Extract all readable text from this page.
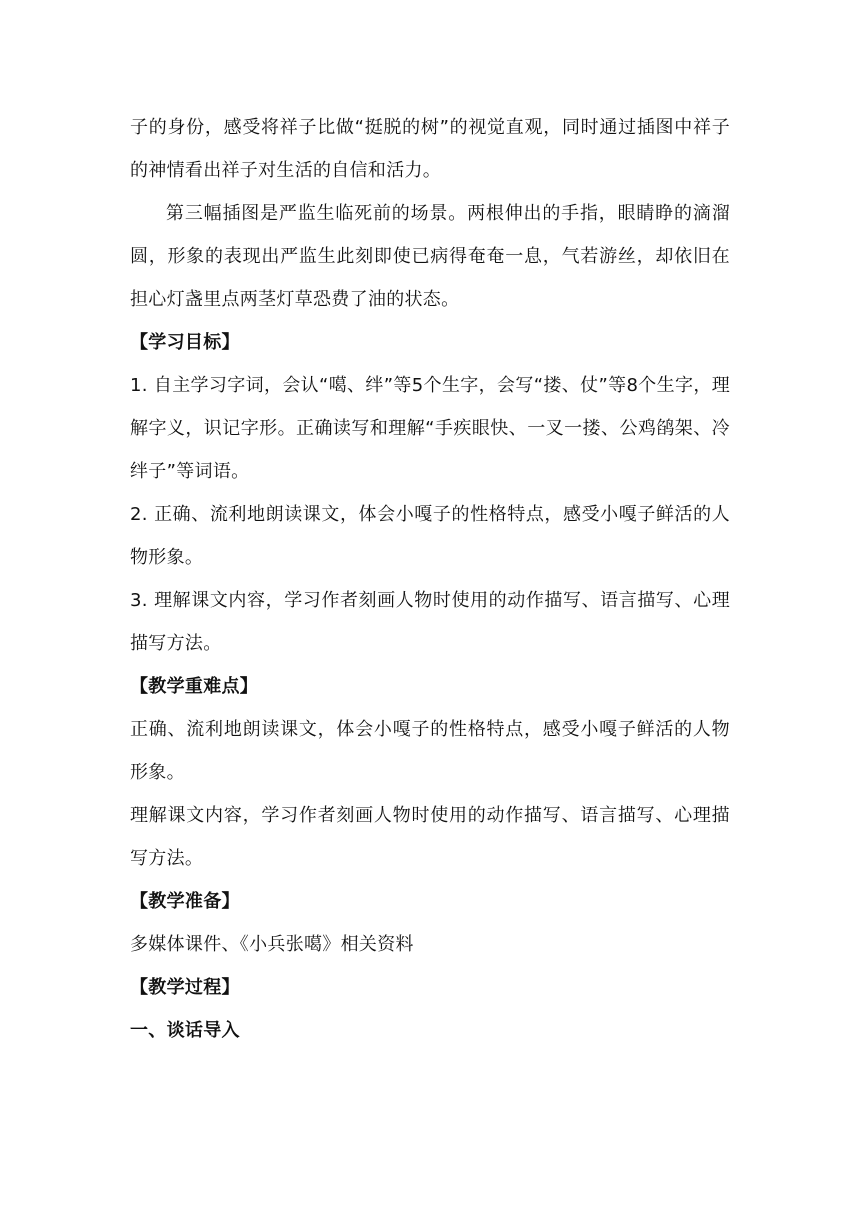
子的身份，感受将祥子比做“挺脱的树”的视觉直观，同时通过插图中祥子的神情看出祥子对生活的自信和活力。

第三幅插图是严监生临死前的场景。两根伸出的手指，眼睛睁的滴溜圆，形象的表现出严监生此刻即使已病得奄奄一息，气若游丝，却依旧在担心灯盏里点两茎灯草恐费了油的状态。

【学习目标】

1. 自主学习字词，会认“噶、绊”等5个生字，会写“搂、仗”等8个生字，理解字义，识记字形。正确读写和理解“手疾眼快、一叉一搂、公鸡鹐架、冷绊子”等词语。

2. 正确、流利地朗读课文，体会小嘎子的性格特点，感受小嘎子鲜活的人物形象。

3. 理解课文内容，学习作者刻画人物时使用的动作描写、语言描写、心理描写方法。

【教学重难点】

正确、流利地朗读课文，体会小嘎子的性格特点，感受小嘎子鲜活的人物形象。

理解课文内容，学习作者刻画人物时使用的动作描写、语言描写、心理描写方法。

【教学准备】

多媒体课件、《小兵张噶》相关资料

【教学过程】

一、谈话导入
